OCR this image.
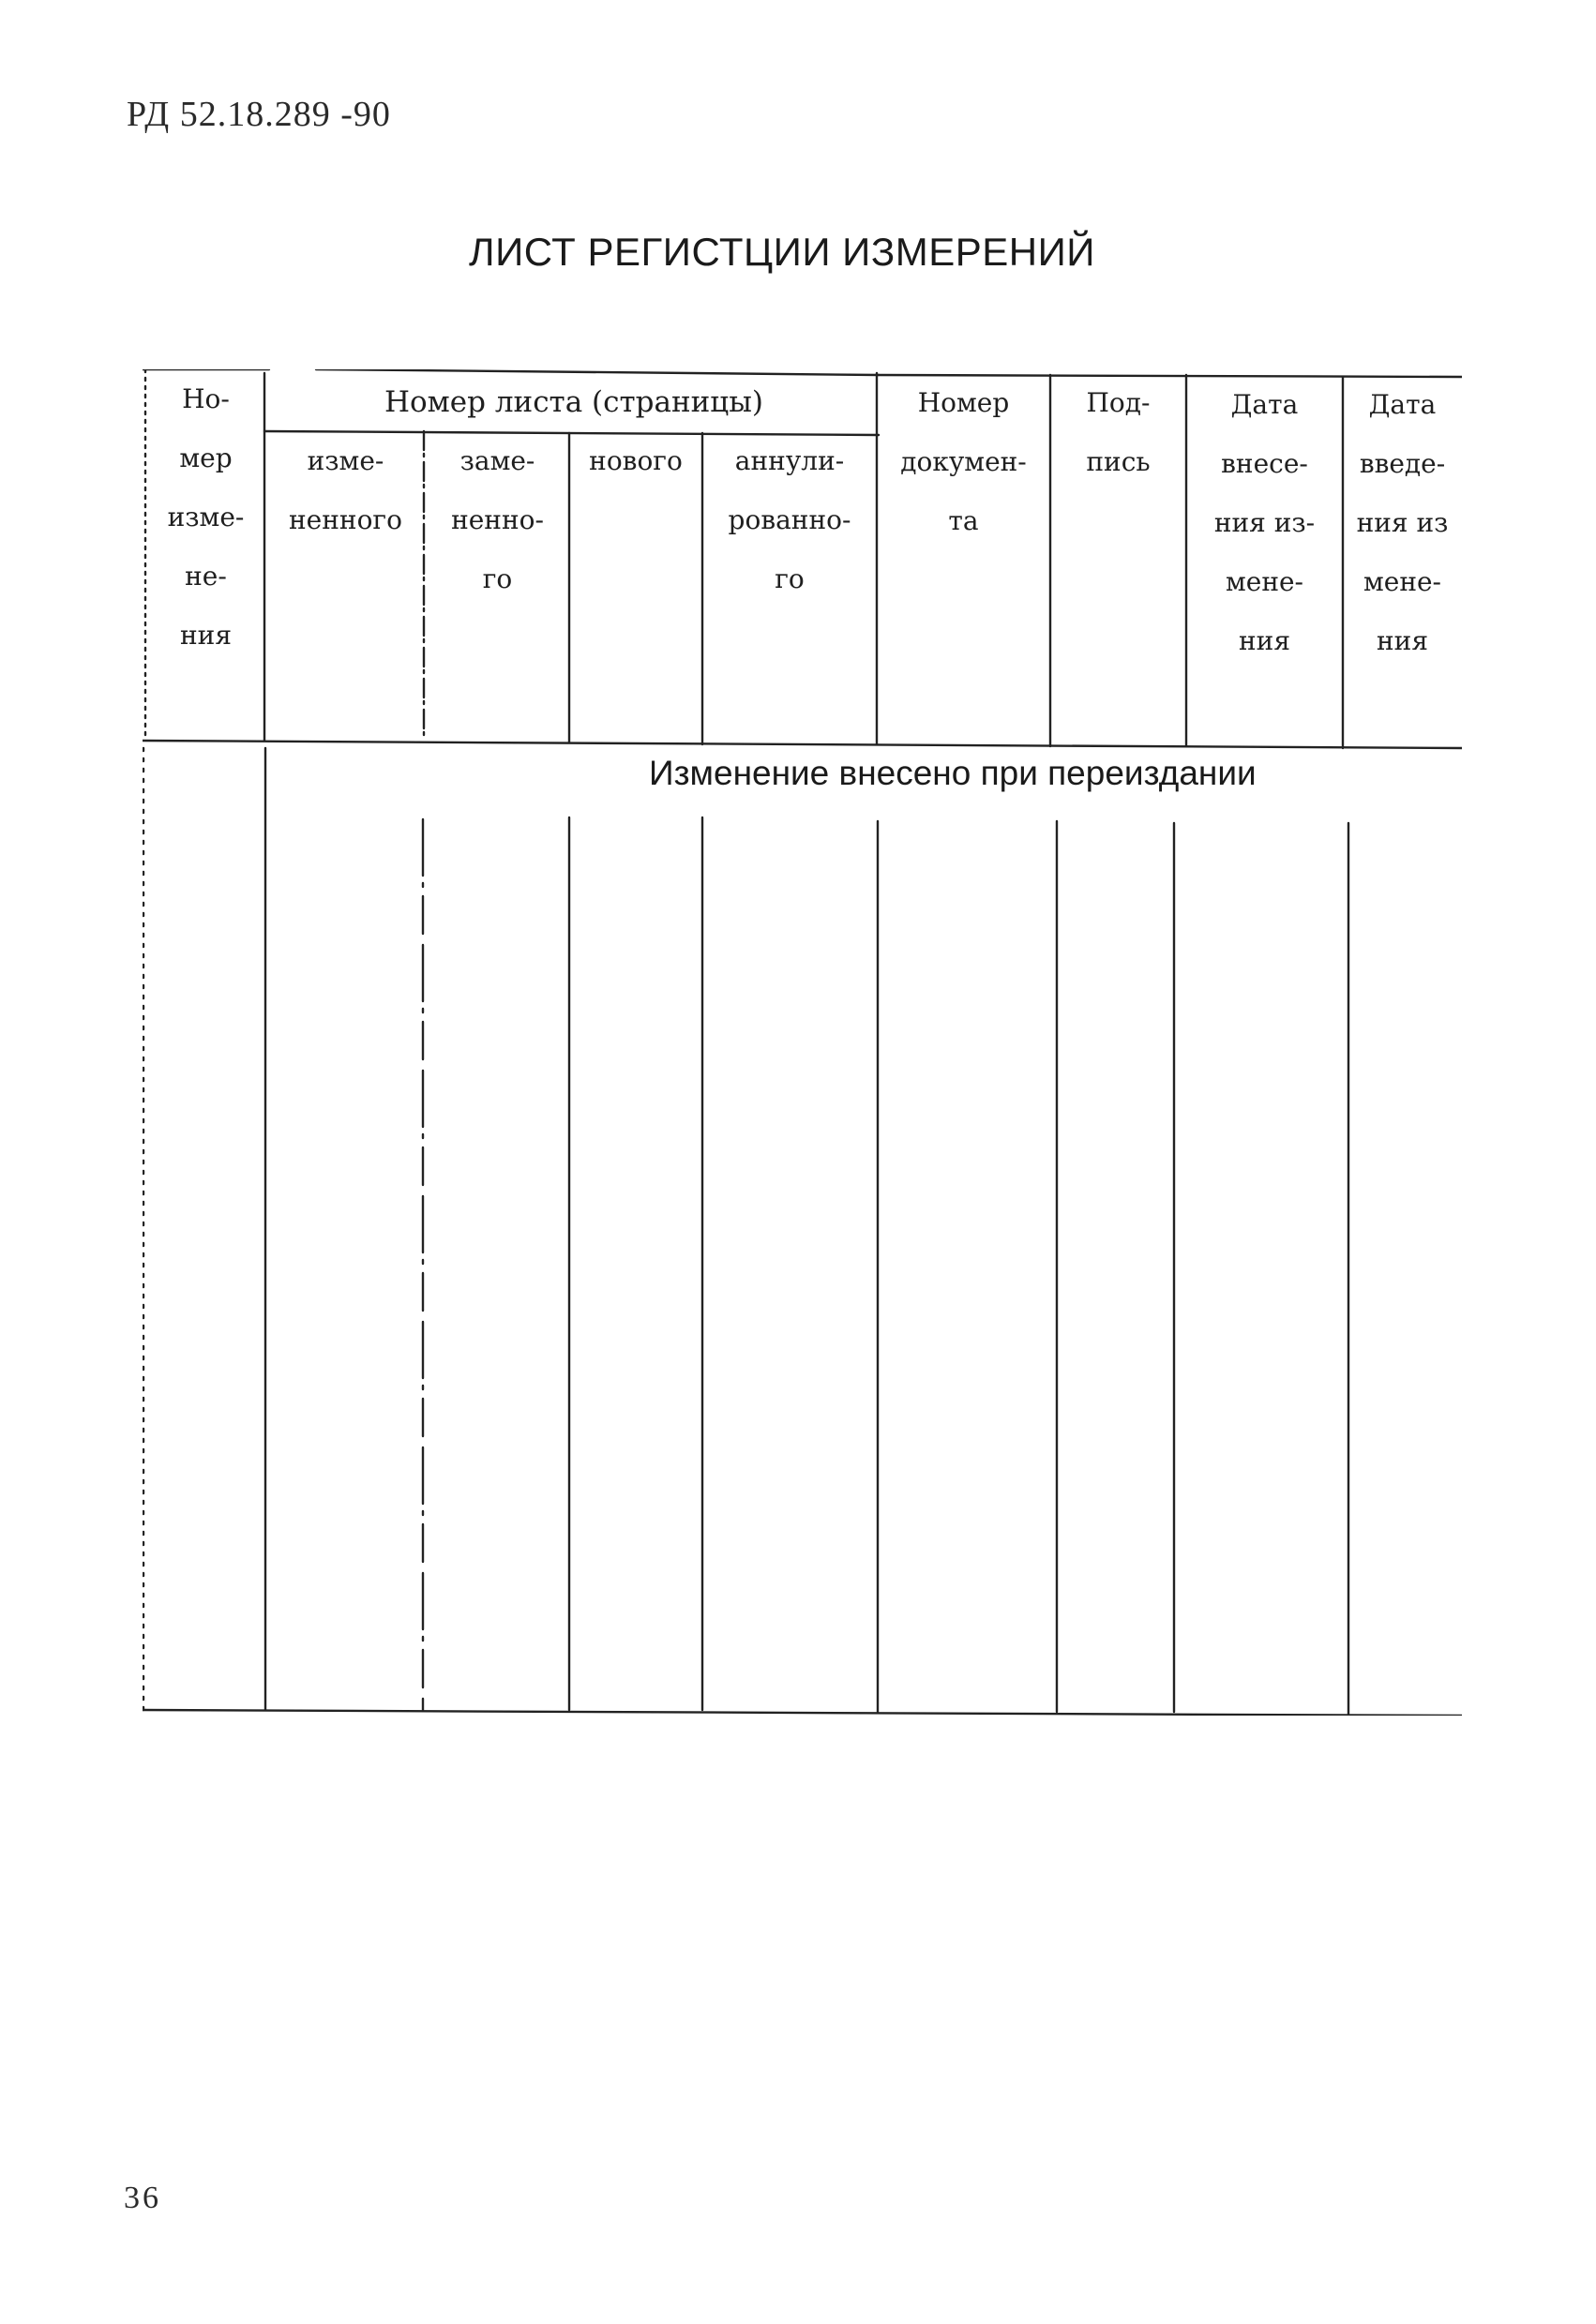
РД 52.18.289 -90
ЛИСТ РЕГИСТЦИИ ИЗМЕРЕНИЙ
Но-
мер
изме-
не-
ния
Номер листа (страницы)
изме-
ненного
заме-
ненно-
го
нового	аннули-
рованно-
го
Номер
докумен-
та
Под-
пись
Дата
внесе-
ния из-
мене-
ния
Дата
введе-
ния из
мене-
ния
Изменение внесено при переиздании
36
